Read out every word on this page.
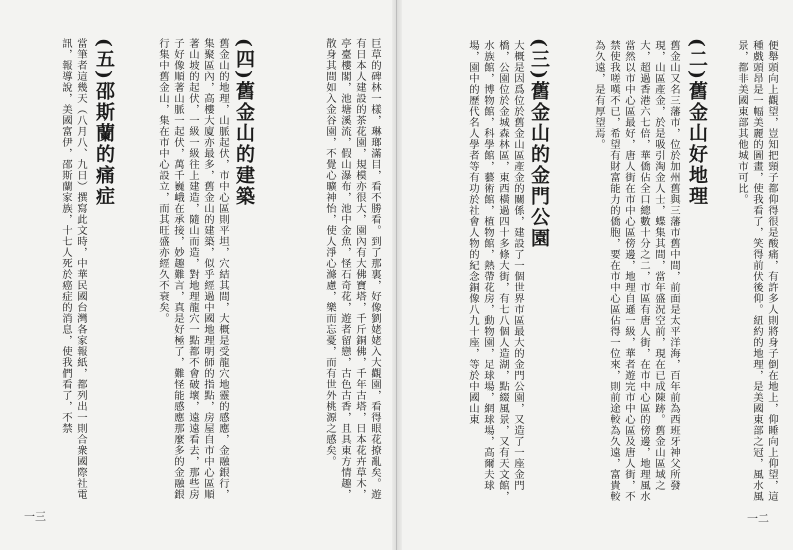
當筆者這幾天（八月八、九日）撰寫此文時，中華民國台灣各家報紙，都列出一則合衆國際社電訊，報導說，美國富伊，邵斯蘭家族，十七人死於癌症的消息，使我們看了，不禁	(五)邵斯蘭的痛症	舊金山的地理，山脈起伏，市中心區則平坦，穴結其間，大概是受龍穴地靈的感應，金融銀行，集聚區內，高樓大廈亦最多，舊金山的建築，似乎經過中國地理明師的指點，房屋自市中心區順著山坡的起伏，一級一級往上建造，隨山而造，對地理龍穴一點都不會破壞，遠遠看去，那些房子好像順著山脈一起伏，萬千巍峨在承接，妙趣難言，真是好極了，難怪能感應那麼多的金融銀行集中舊金山，集在市中心設立，而其旺盛亦經久不衰矣。	(四)舊金山的建築	巨草的碑林一樣，琳瑯滿目，看不勝看。到了那裏，好像劉姥姥入大觀園，看得眼花撩亂矣。遊有日本人建設的茶花園，規模亦很大，園內有大佛寶塔，千斤銅佛，千年古塔，日本花卉草木，亭臺樓閣，池塘溪流，假山瀑布，池中金魚，怪石奇花，遊者留戀，古色古香，且具東方情趣，散身其間如入金谷園，不覺心曠神怡，使人淨心滌慮，樂而忘憂，而有世外桃源之感矣。
一三
大概是因爲位於舊金山區產金的關係，建設了一個世界市區最大的金門公園，又造了一座金門橋，公園位於金城森林區，東西橫過四十多條大街，有七八個人造湖，點綴風景，又有天文館，水族館，博物館，科學館，藝術館，植物館，熱帶花房，動物園，足球場，網球場，高爾夫球場，園中的歷代名人學者等有功於社會人物的紀念銅像八九十座，等於中國山東	(三)舊金山的金門公園	舊金山又名三藩市，位於加州舊與三藩市舊中間，前面是太平洋海，百年前為西班牙神父所發現，山區產金，於是吸引淘金人士，蝶集其間，當年盛況空前，現在已成陳跡。舊金山區域之大，超過香港六七倍，華僑佔全口總數十分之二，市區有唐人街，在市中心區的傍邊，地理風水當然以市中心區最好，唐人街在市中心區傍邊，地理自遜一級，華者遊完市中心區及唐人街，不禁使我嗟嘆不已，希望有財富能力的僑胞，要在市中心區佔得一位來，則前途較為久遠，富貴較為久遠，是有厚望焉。	(二)舊金山好地理	便舉頭向上觀望，豈知把頸子都仰得很是酸痛，有許多人則將身子倒在地上，仰睡向上仰望，這種戲頭昂是一幅美麗的圖畫，使我看了，笑得前伏後仰。紐約的地理，是美國東部之冠，風水風景，都非美國東部其他城市可比。
一二
